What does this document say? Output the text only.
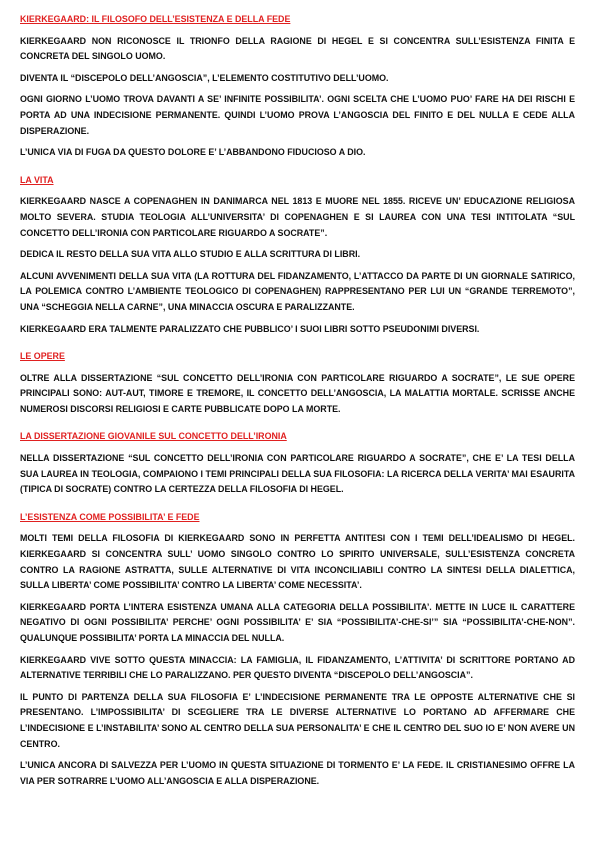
KIERKEGAARD: IL FILOSOFO DELL’ESISTENZA E DELLA FEDE
KIERKEGAARD NON RICONOSCE IL TRIONFO DELLA RAGIONE DI HEGEL E SI CONCENTRA SULL’ESISTENZA FINITA E CONCRETA DEL SINGOLO UOMO.
DIVENTA IL “DISCEPOLO DELL’ANGOSCIA”, L’ELEMENTO COSTITUTIVO DELL’UOMO.
OGNI GIORNO L’UOMO TROVA DAVANTI A SE’ INFINITE POSSIBILITA’. OGNI SCELTA CHE L’UOMO PUO’ FARE HA DEI RISCHI E PORTA AD UNA INDECISIONE PERMANENTE. QUINDI L’UOMO PROVA L’ANGOSCIA DEL FINITO E DEL NULLA E CEDE ALLA DISPERAZIONE.
L’UNICA VIA DI FUGA DA QUESTO DOLORE E’ L’ABBANDONO FIDUCIOSO A DIO.
LA VITA
KIERKEGAARD NASCE A COPENAGHEN IN DANIMARCA NEL 1813 E MUORE NEL 1855. RICEVE UN’ EDUCAZIONE RELIGIOSA MOLTO SEVERA. STUDIA TEOLOGIA ALL’UNIVERSITA’ DI COPENAGHEN E SI LAUREA CON UNA TESI INTITOLATA “SUL CONCETTO DELL’IRONIA CON PARTICOLARE RIGUARDO A SOCRATE”.
DEDICA IL RESTO DELLA SUA VITA ALLO STUDIO E ALLA SCRITTURA DI LIBRI.
ALCUNI AVVENIMENTI DELLA SUA VITA (LA ROTTURA DEL FIDANZAMENTO, L’ATTACCO DA PARTE DI UN GIORNALE SATIRICO, LA POLEMICA CONTRO L’AMBIENTE TEOLOGICO DI COPENAGHEN) RAPPRESENTANO PER LUI UN “GRANDE TERREMOTO”, UNA “SCHEGGIA NELLA CARNE”, UNA MINACCIA OSCURA E PARALIZZANTE.
KIERKEGAARD ERA TALMENTE PARALIZZATO CHE PUBBLICO’ I SUOI LIBRI SOTTO PSEUDONIMI DIVERSI.
LE OPERE
OLTRE ALLA DISSERTAZIONE “SUL CONCETTO DELL’IRONIA CON PARTICOLARE RIGUARDO A SOCRATE”, LE SUE OPERE PRINCIPALI SONO: AUT-AUT, TIMORE E TREMORE, IL CONCETTO DELL’ANGOSCIA, LA MALATTIA MORTALE. SCRISSE ANCHE NUMEROSI DISCORSI RELIGIOSI E CARTE PUBBLICATE DOPO LA MORTE.
LA DISSERTAZIONE GIOVANILE SUL CONCETTO DELL’IRONIA
NELLA DISSERTAZIONE “SUL CONCETTO DELL’IRONIA CON PARTICOLARE RIGUARDO A SOCRATE”, CHE E’ LA TESI DELLA SUA LAUREA IN TEOLOGIA, COMPAIONO I TEMI PRINCIPALI DELLA SUA FILOSOFIA: LA RICERCA DELLA VERITA’ MAI ESAURITA (TIPICA DI SOCRATE) CONTRO LA CERTEZZA DELLA FILOSOFIA DI HEGEL.
L’ESISTENZA COME POSSIBILITA’ E FEDE
MOLTI TEMI DELLA FILOSOFIA DI KIERKEGAARD SONO IN PERFETTA ANTITESI CON I TEMI DELL’IDEALISMO DI HEGEL. KIERKEGAARD SI CONCENTRA SULL’ UOMO SINGOLO CONTRO LO SPIRITO UNIVERSALE, SULL’ESISTENZA CONCRETA CONTRO LA RAGIONE ASTRATTA, SULLE ALTERNATIVE DI VITA INCONCILIABILI CONTRO LA SINTESI DELLA DIALETTICA, SULLA LIBERTA’ COME POSSIBILITA’ CONTRO LA LIBERTA’ COME NECESSITA’.
KIERKEGAARD PORTA L’INTERA ESISTENZA UMANA ALLA CATEGORIA DELLA POSSIBILITA’. METTE IN LUCE IL CARATTERE NEGATIVO DI OGNI POSSIBILITA’ PERCHE’ OGNI POSSIBILITA’ E’ SIA “POSSIBILITA’-CHE-SI’” SIA “POSSIBILITA’-CHE-NON”. QUALUNQUE POSSIBILITA’ PORTA LA MINACCIA DEL NULLA.
KIERKEGAARD VIVE SOTTO QUESTA MINACCIA: LA FAMIGLIA, IL FIDANZAMENTO, L’ATTIVITA’ DI SCRITTORE PORTANO AD ALTERNATIVE TERRIBILI CHE LO PARALIZZANO. PER QUESTO DIVENTA “DISCEPOLO DELL’ANGOSCIA”.
IL PUNTO DI PARTENZA DELLA SUA FILOSOFIA E’ L’INDECISIONE PERMANENTE TRA LE OPPOSTE ALTERNATIVE CHE SI PRESENTANO. L’IMPOSSIBILITA’ DI SCEGLIERE TRA LE DIVERSE ALTERNATIVE LO PORTANO AD AFFERMARE CHE L’INDECISIONE E L’INSTABILITA’ SONO AL CENTRO DELLA SUA PERSONALITA’ E CHE IL CENTRO DEL SUO IO E’ NON AVERE UN CENTRO.
L’UNICA ANCORA DI SALVEZZA PER L’UOMO IN QUESTA SITUAZIONE DI TORMENTO E’ LA FEDE. IL CRISTIANESIMO OFFRE LA VIA PER SOTRARRE L’UOMO ALL’ANGOSCIA E ALLA DISPERAZIONE.
